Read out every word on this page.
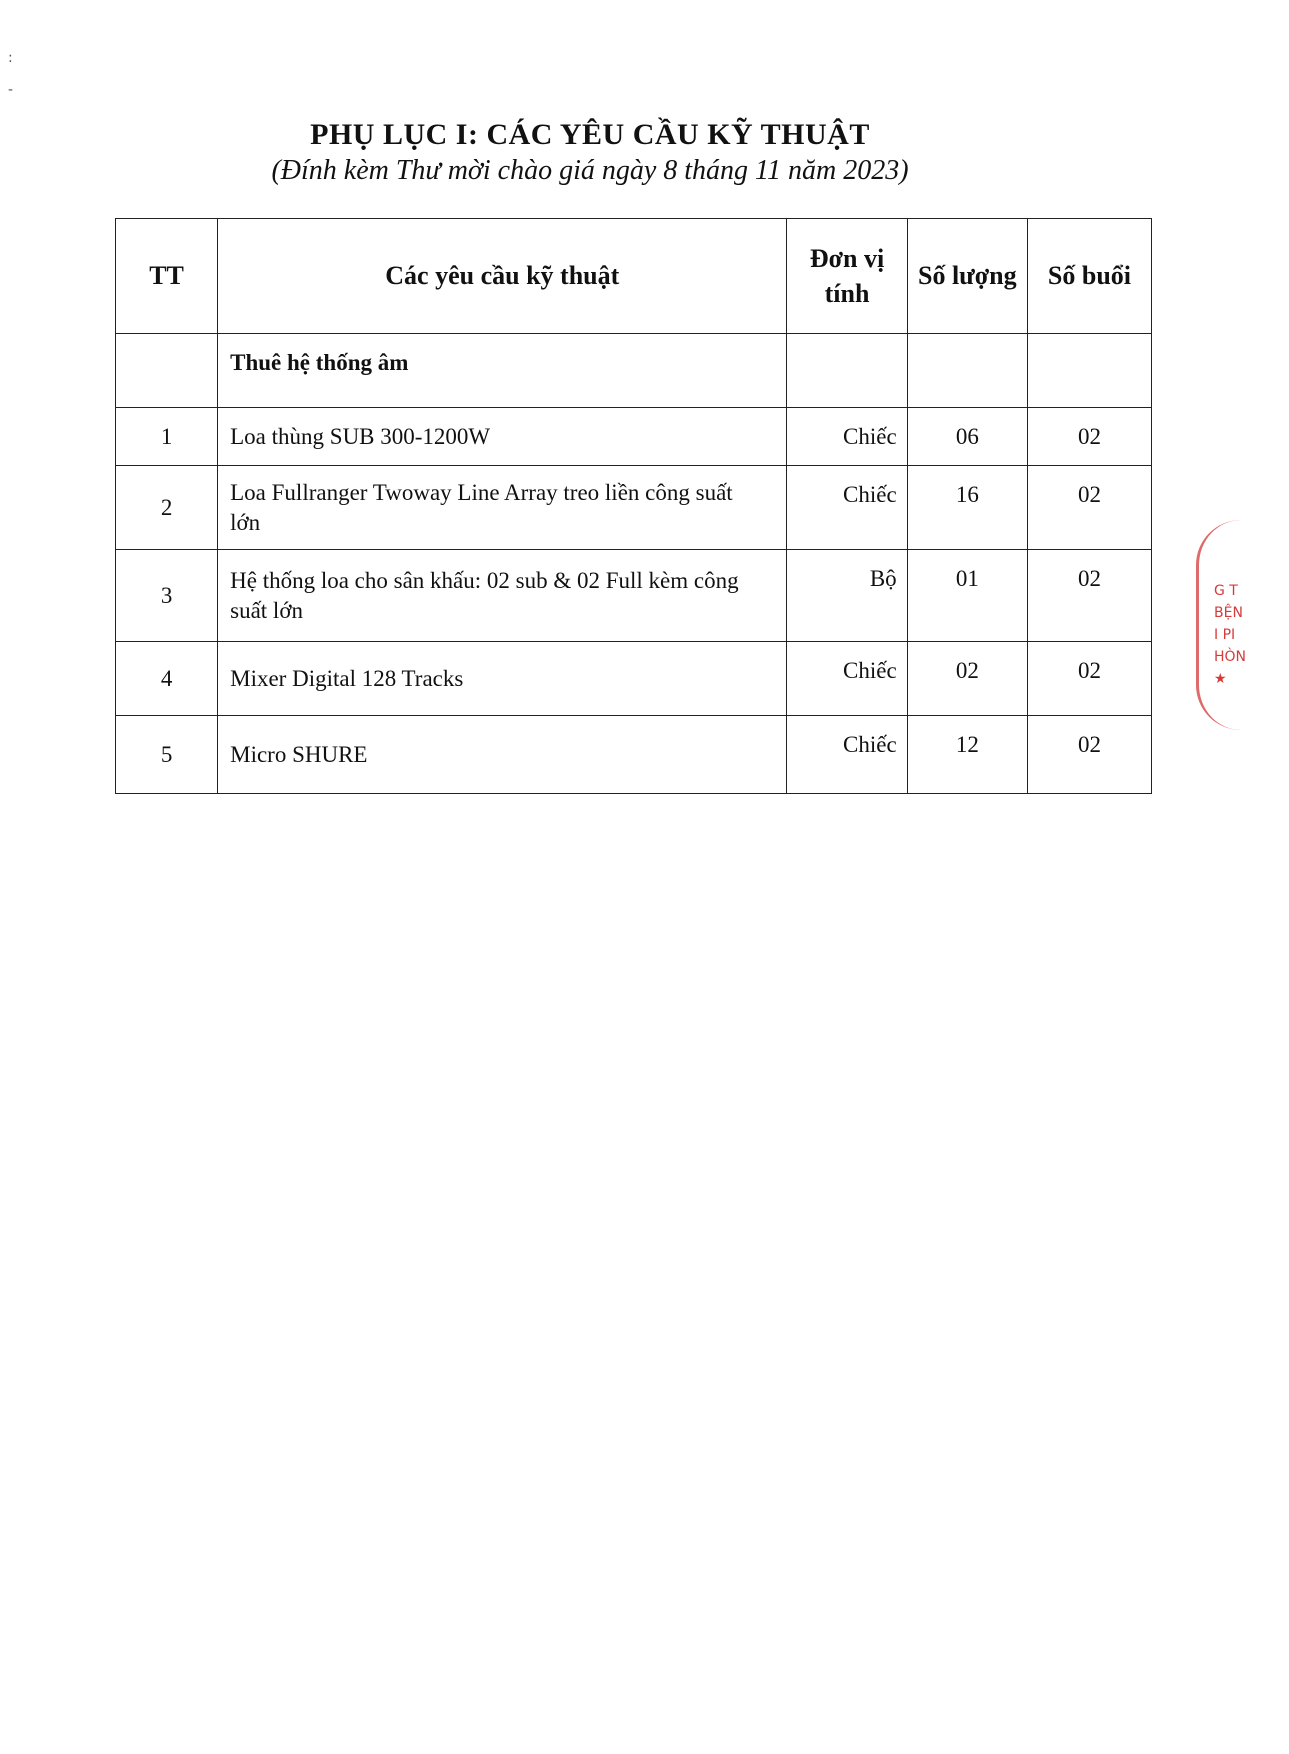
:

-
PHỤ LỤC I: CÁC YÊU CẦU KỸ THUẬT
(Đính kèm Thư mời chào giá ngày 8 tháng 11 năm 2023)
TT	Các yêu cầu kỹ thuật	Đơn vị tính	Số lượng	Số buổi
	Thuê hệ thống âm			
1	Loa thùng SUB 300-1200W	Chiếc	06	02
2	Loa Fullranger Twoway Line Array treo liền công suất lớn	Chiếc	16	02
3	Hệ thống loa cho sân khấu: 02 sub & 02 Full kèm công suất lớn	Bộ	01	02
4	Mixer Digital 128 Tracks	Chiếc	02	02
5	Micro SHURE	Chiếc	12	02
G T
BỆN
I PI
HÒN
★
